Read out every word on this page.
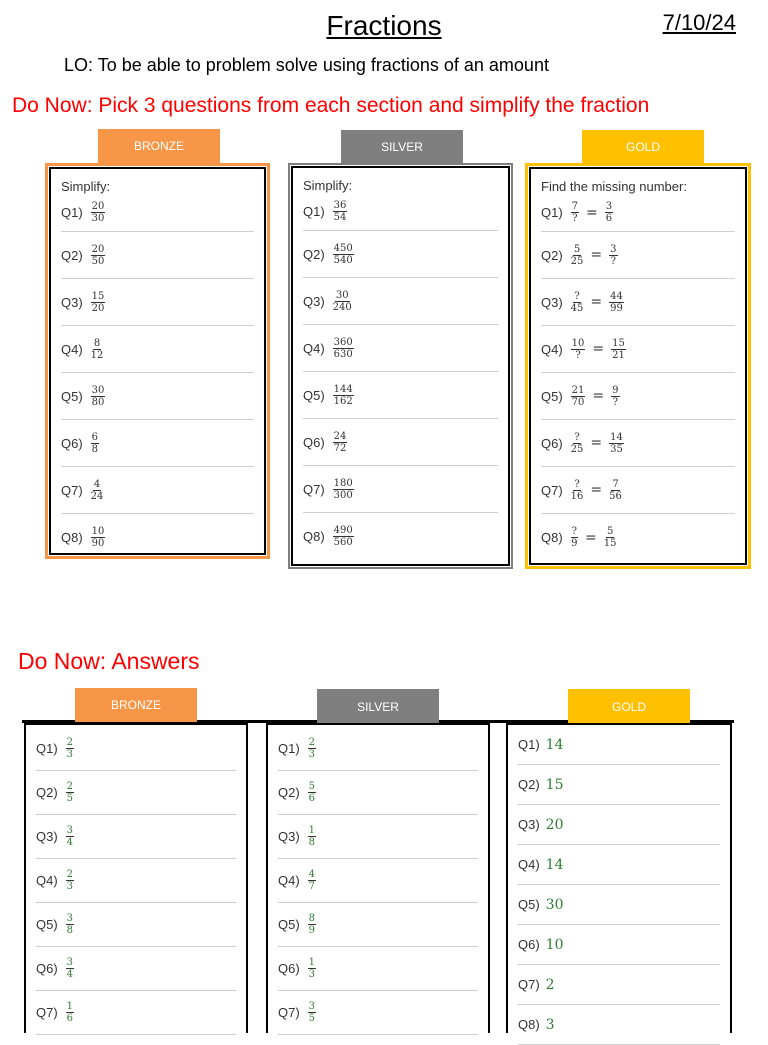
Fractions	7/10/24
LO: To be able to problem solve using fractions of an amount
Do Now: Pick 3 questions from each section and simplify the fraction
BRONZE	SILVER	GOLD
Simplify:
$Q1) \frac{20}{30}$
$Q2) \frac{20}{50}$
$Q3) \frac{15}{20}$
$Q4) \frac{8}{12}$
$Q5) \frac{30}{80}$
$Q6) \frac{6}{8}$
$Q7) \frac{4}{24}$
$Q8) \frac{10}{90}$
Simplify:
$Q1) \frac{36}{54}$
$Q2) \frac{450}{540}$
$Q3) \frac{30}{240}$
$Q4) \frac{360}{630}$
$Q5) \frac{144}{162}$
$Q6) \frac{24}{72}$
$Q7) \frac{180}{300}$
$Q8) \frac{490}{560}$
Find the missing number:
$Q1) \frac{7}{?} = \frac{3}{6}$
$Q2) \frac{5}{25} = \frac{3}{?}$
$Q3) \frac{?}{45} = \frac{44}{99}$
$Q4) \frac{10}{?} = \frac{15}{21}$
$Q5) \frac{21}{70} = \frac{9}{?}$
$Q6) \frac{?}{25} = \frac{14}{35}$
$Q7) \frac{?}{16} = \frac{7}{56}$
$Q8) \frac{?}{9} = \frac{5}{15}$
Do Now: Answers
BRONZE	SILVER	GOLD
$Q1) \frac{2}{3}$
$Q2) \frac{2}{5}$
$Q3) \frac{3}{4}$
$Q4) \frac{2}{3}$
$Q5) \frac{3}{8}$
$Q6) \frac{3}{4}$
$Q7) \frac{1}{6}$
$Q1) \frac{2}{3}$
$Q2) \frac{5}{6}$
$Q3) \frac{1}{8}$
$Q4) \frac{4}{7}$
$Q5) \frac{8}{9}$
$Q6) \frac{1}{3}$
$Q7) \frac{3}{5}$
Q1) 14
Q2) 15
Q3) 20
Q4) 14
Q5) 30
Q6) 10
Q7) 2
Q8) 3
